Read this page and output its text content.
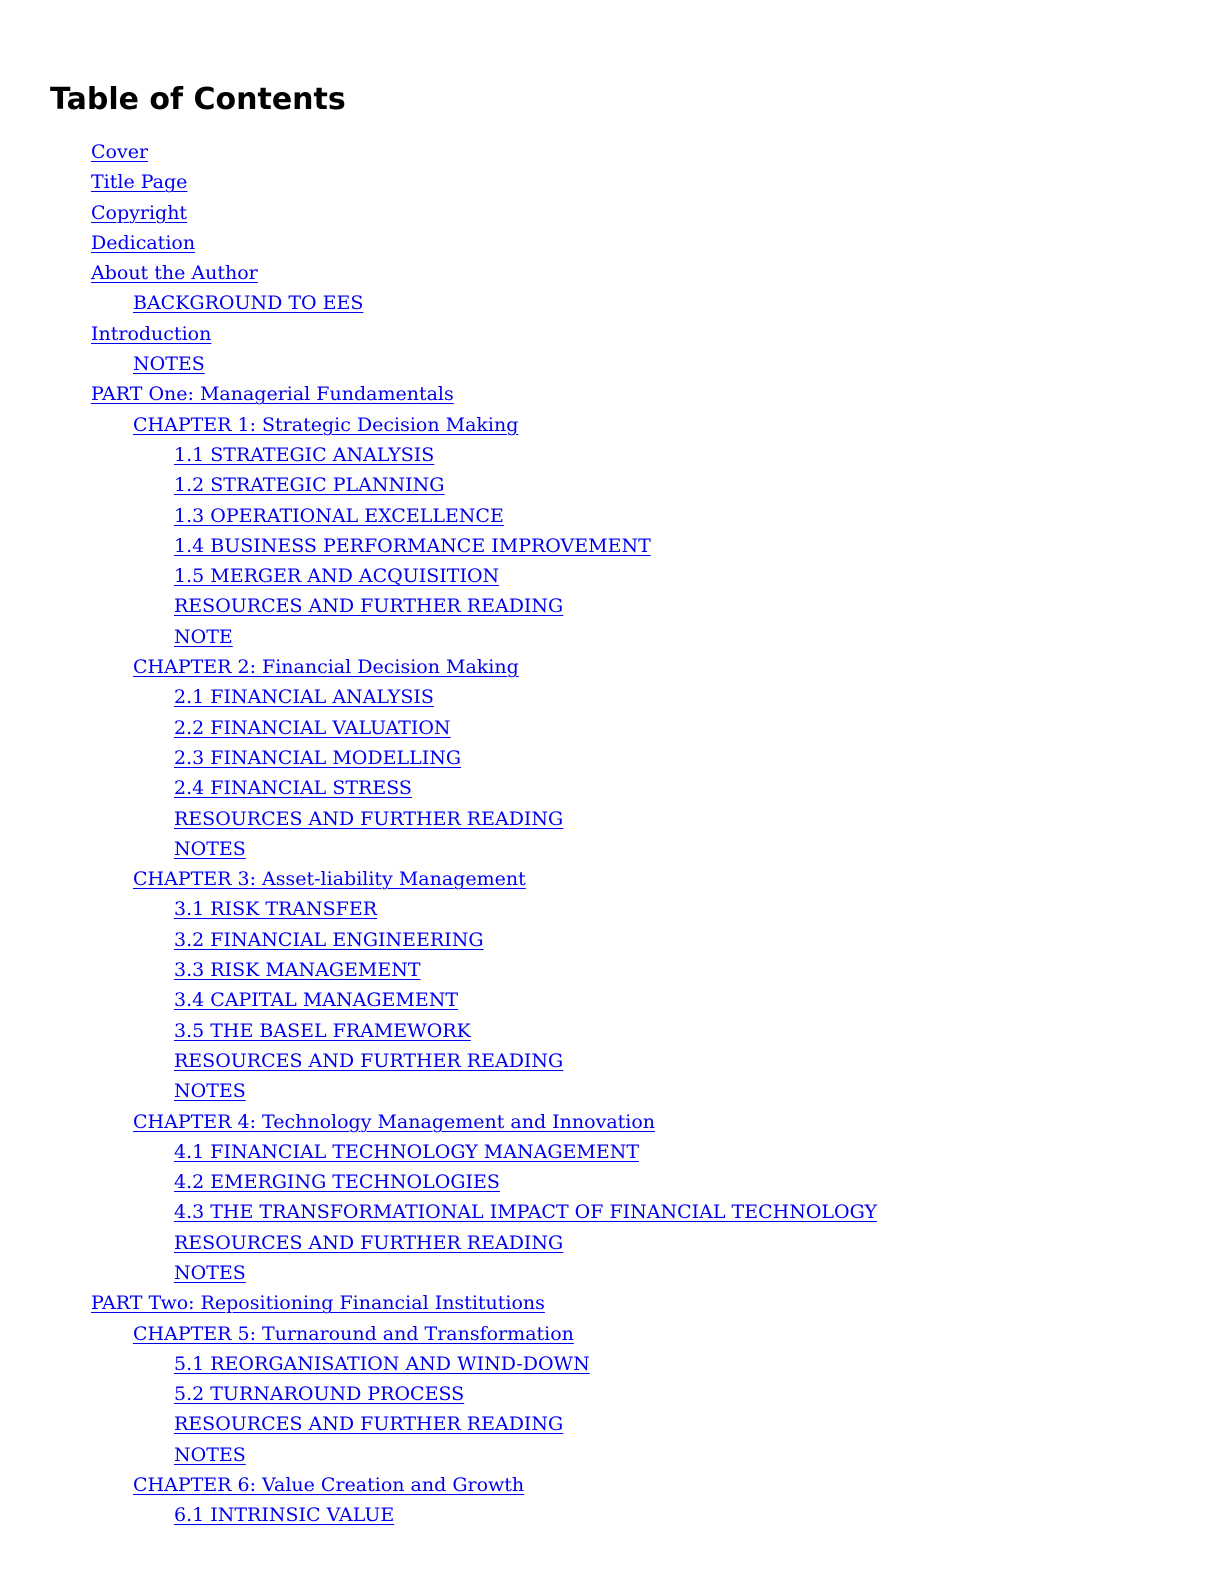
Table of Contents
Cover
Title Page
Copyright
Dedication
About the Author
BACKGROUND TO EES
Introduction
NOTES
PART One: Managerial Fundamentals
CHAPTER 1: Strategic Decision Making
1.1 STRATEGIC ANALYSIS
1.2 STRATEGIC PLANNING
1.3 OPERATIONAL EXCELLENCE
1.4 BUSINESS PERFORMANCE IMPROVEMENT
1.5 MERGER AND ACQUISITION
RESOURCES AND FURTHER READING
NOTE
CHAPTER 2: Financial Decision Making
2.1 FINANCIAL ANALYSIS
2.2 FINANCIAL VALUATION
2.3 FINANCIAL MODELLING
2.4 FINANCIAL STRESS
RESOURCES AND FURTHER READING
NOTES
CHAPTER 3: Asset-liability Management
3.1 RISK TRANSFER
3.2 FINANCIAL ENGINEERING
3.3 RISK MANAGEMENT
3.4 CAPITAL MANAGEMENT
3.5 THE BASEL FRAMEWORK
RESOURCES AND FURTHER READING
NOTES
CHAPTER 4: Technology Management and Innovation
4.1 FINANCIAL TECHNOLOGY MANAGEMENT
4.2 EMERGING TECHNOLOGIES
4.3 THE TRANSFORMATIONAL IMPACT OF FINANCIAL TECHNOLOGY
RESOURCES AND FURTHER READING
NOTES
PART Two: Repositioning Financial Institutions
CHAPTER 5: Turnaround and Transformation
5.1 REORGANISATION AND WIND-DOWN
5.2 TURNAROUND PROCESS
RESOURCES AND FURTHER READING
NOTES
CHAPTER 6: Value Creation and Growth
6.1 INTRINSIC VALUE
